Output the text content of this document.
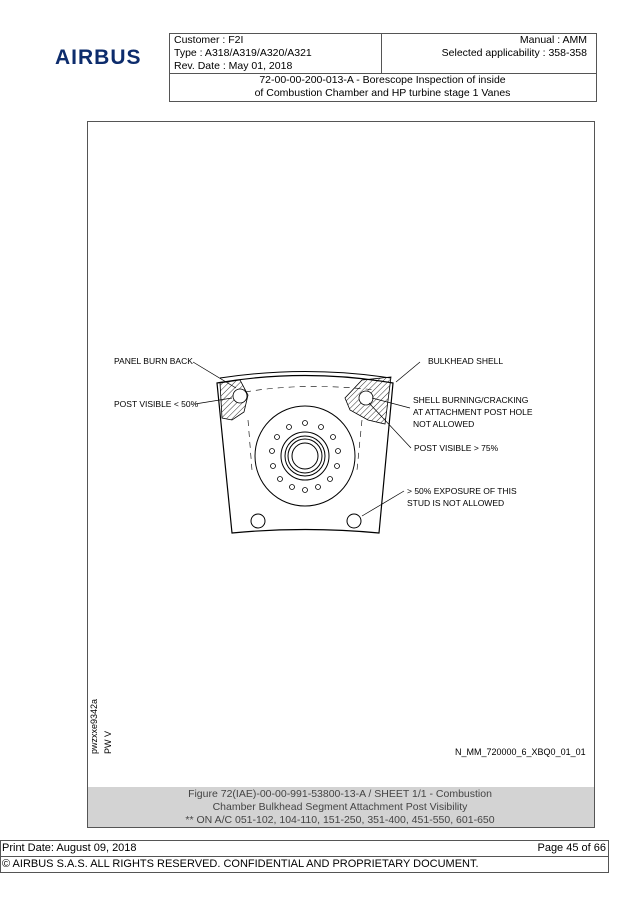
AIRBUS
Customer : F2I
Type : A318/A319/A320/A321
Rev. Date : May 01, 2018
Manual : AMM
Selected applicability : 358-358
72-00-00-200-013-A - Borescope Inspection of inside
of Combustion Chamber and HP turbine stage 1 Vanes
PANEL BURN BACK	BULKHEAD SHELL
POST VISIBLE < 50%	SHELL BURNING/CRACKING
AT ATTACHMENT POST HOLE
NOT ALLOWED
POST VISIBLE > 75%
> 50% EXPOSURE OF THIS
STUD IS NOT ALLOWED
pwzxxe9342a PW V	N_MM_720000_6_XBQ0_01_01
Figure 72(IAE)-00-00-991-53800-13-A / SHEET 1/1 - Combustion
Chamber Bulkhead Segment Attachment Post Visibility
** ON A/C 051-102, 104-110, 151-250, 351-400, 451-550, 601-650
Print Date: August 09, 2018	Page 45 of 66
© AIRBUS S.A.S. ALL RIGHTS RESERVED. CONFIDENTIAL AND PROPRIETARY DOCUMENT.
